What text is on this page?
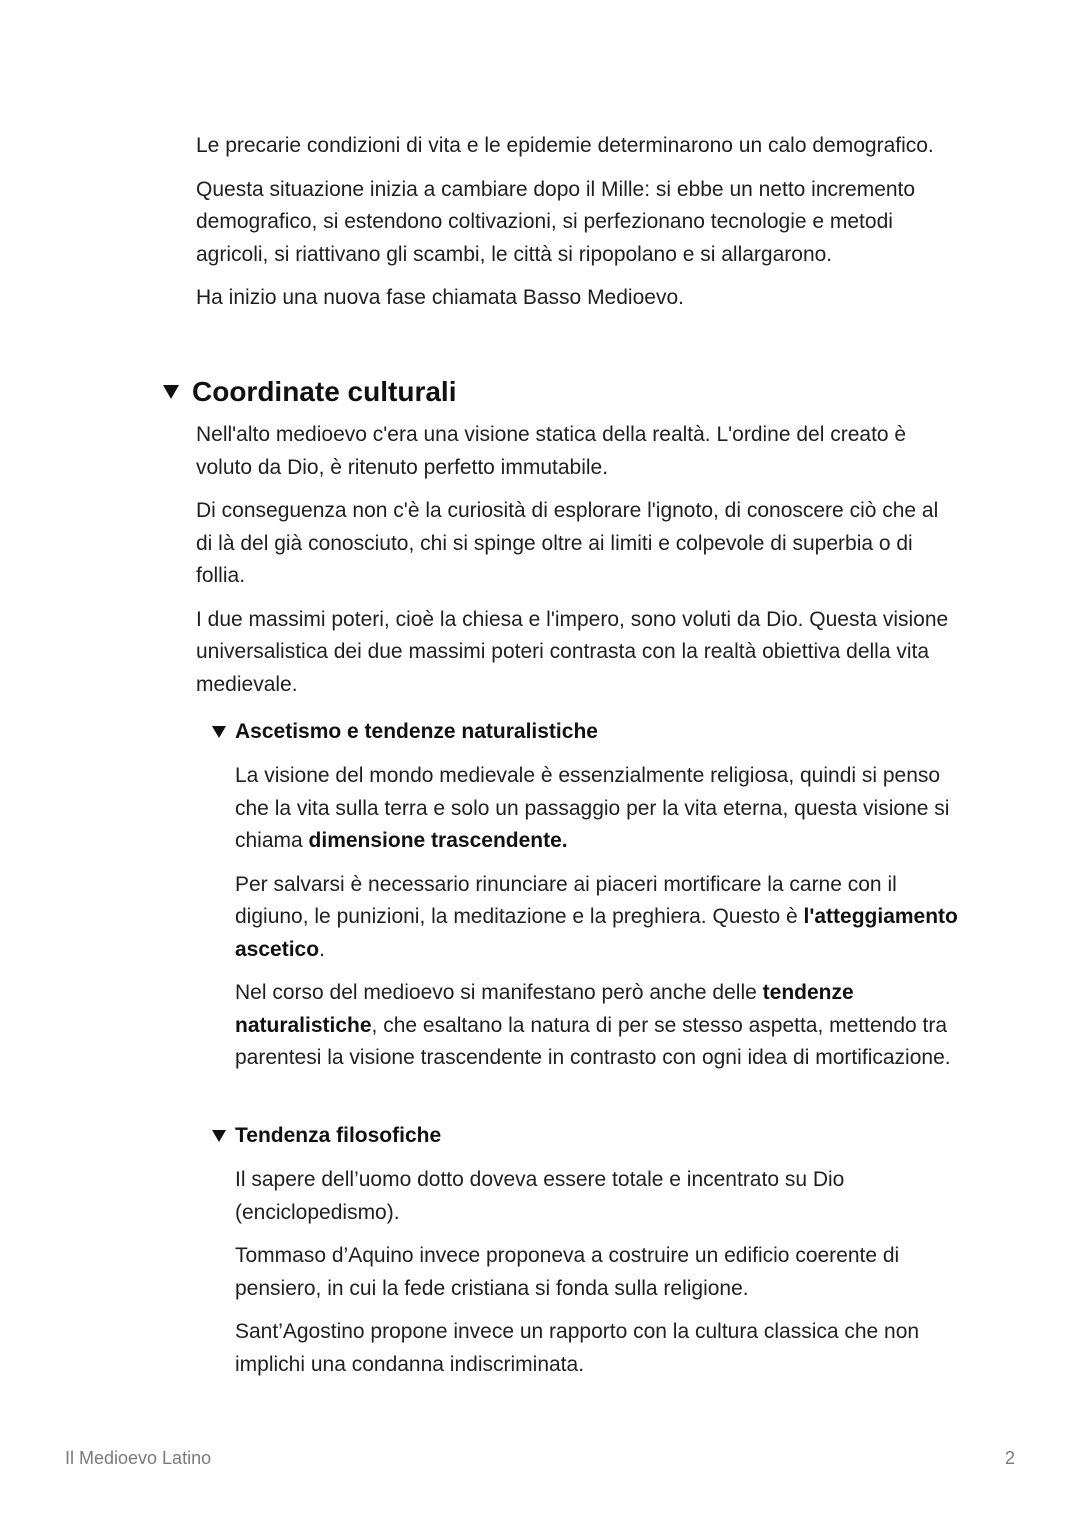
Le precarie condizioni di vita e le epidemie determinarono un calo demografico.

Questa situazione inizia a cambiare dopo il Mille: si ebbe un netto incremento demografico, si estendono coltivazioni, si perfezionano tecnologie e metodi agricoli, si riattivano gli scambi, le città si ripopolano e si allargarono.

Ha inizio una nuova fase chiamata Basso Medioevo.

Coordinate culturali

Nell'alto medioevo c'era una visione statica della realtà. L'ordine del creato è voluto da Dio, è ritenuto perfetto immutabile.

Di conseguenza non c'è la curiosità di esplorare l'ignoto, di conoscere ciò che al di là del già conosciuto, chi si spinge oltre ai limiti e colpevole di superbia o di follia.

I due massimi poteri, cioè la chiesa e l'impero, sono voluti da Dio. Questa visione universalistica dei due massimi poteri contrasta con la realtà obiettiva della vita medievale.

Ascetismo e tendenze naturalistiche

La visione del mondo medievale è essenzialmente religiosa, quindi si penso che la vita sulla terra e solo un passaggio per la vita eterna, questa visione si chiama dimensione trascendente.

Per salvarsi è necessario rinunciare ai piaceri mortificare la carne con il digiuno, le punizioni, la meditazione e la preghiera. Questo è l'atteggiamento ascetico.

Nel corso del medioevo si manifestano però anche delle tendenze naturalistiche, che esaltano la natura di per se stesso aspetta, mettendo tra parentesi la visione trascendente in contrasto con ogni idea di mortificazione.

Tendenza filosofiche

Il sapere dell’uomo dotto doveva essere totale e incentrato su Dio (enciclopedismo).

Tommaso d’Aquino invece proponeva a costruire un edificio coerente di pensiero, in cui la fede cristiana si fonda sulla religione.

Sant’Agostino propone invece un rapporto con la cultura classica che non implichi una condanna indiscriminata.

Il Medioevo Latino	2
